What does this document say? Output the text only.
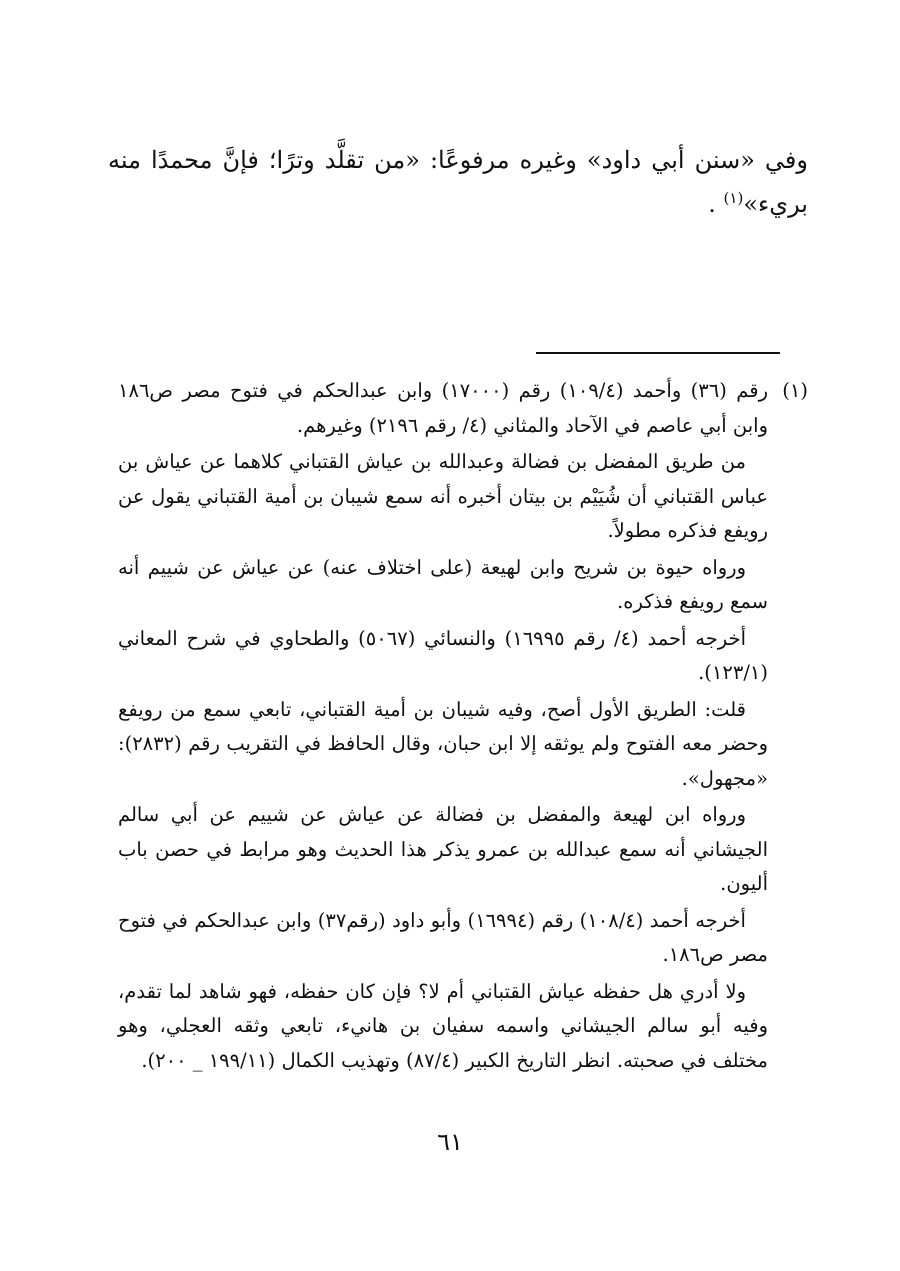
وفي «سنن أبي داود» وغيره مرفوعًا: «من تقلَّد وترًا؛ فإنَّ محمدًا منه بريء»$^{(١)}$ .

(١)

رقم (٣٦) وأحمد (١٠٩/٤) رقم (١٧٠٠٠) وابن عبدالحكم في فتوح مصر ص١٨٦ وابن أبي عاصم في الآحاد والمثاني (٤/ رقم ٢١٩٦) وغيرهم.

من طريق المفضل بن فضالة وعبدالله بن عياش القتباني كلاهما عن عياش بن عباس القتباني أن شُيَيْم بن بيتان أخبره أنه سمع شيبان بن أمية القتباني يقول عن رويفع فذكره مطولاً.

ورواه حيوة بن شريح وابن لهيعة (على اختلاف عنه) عن عياش عن شييم أنه سمع رويفع فذكره.

أخرجه أحمد (٤/ رقم ١٦٩٩٥) والنسائي (٥٠٦٧) والطحاوي في شرح المعاني (١٢٣/١).

قلت: الطريق الأول أصح، وفيه شيبان بن أمية القتباني، تابعي سمع من رويفع وحضر معه الفتوح ولم يوثقه إلا ابن حبان، وقال الحافظ في التقريب رقم (٢٨٣٢): «مجهول».

ورواه ابن لهيعة والمفضل بن فضالة عن عياش عن شييم عن أبي سالم الجيشاني أنه سمع عبدالله بن عمرو يذكر هذا الحديث وهو مرابط في حصن باب أليون.

أخرجه أحمد (١٠٨/٤) رقم (١٦٩٩٤) وأبو داود (رقم٣٧) وابن عبدالحكم في فتوح مصر ص١٨٦.

ولا أدري هل حفظه عياش القتباني أم لا؟ فإن كان حفظه، فهو شاهد لما تقدم، وفيه أبو سالم الجيشاني واسمه سفيان بن هانيء، تابعي وثقه العجلي، وهو مختلف في صحبته. انظر التاريخ الكبير (٨٧/٤) وتهذيب الكمال (١٩٩/١١ _ ٢٠٠).

٦١
